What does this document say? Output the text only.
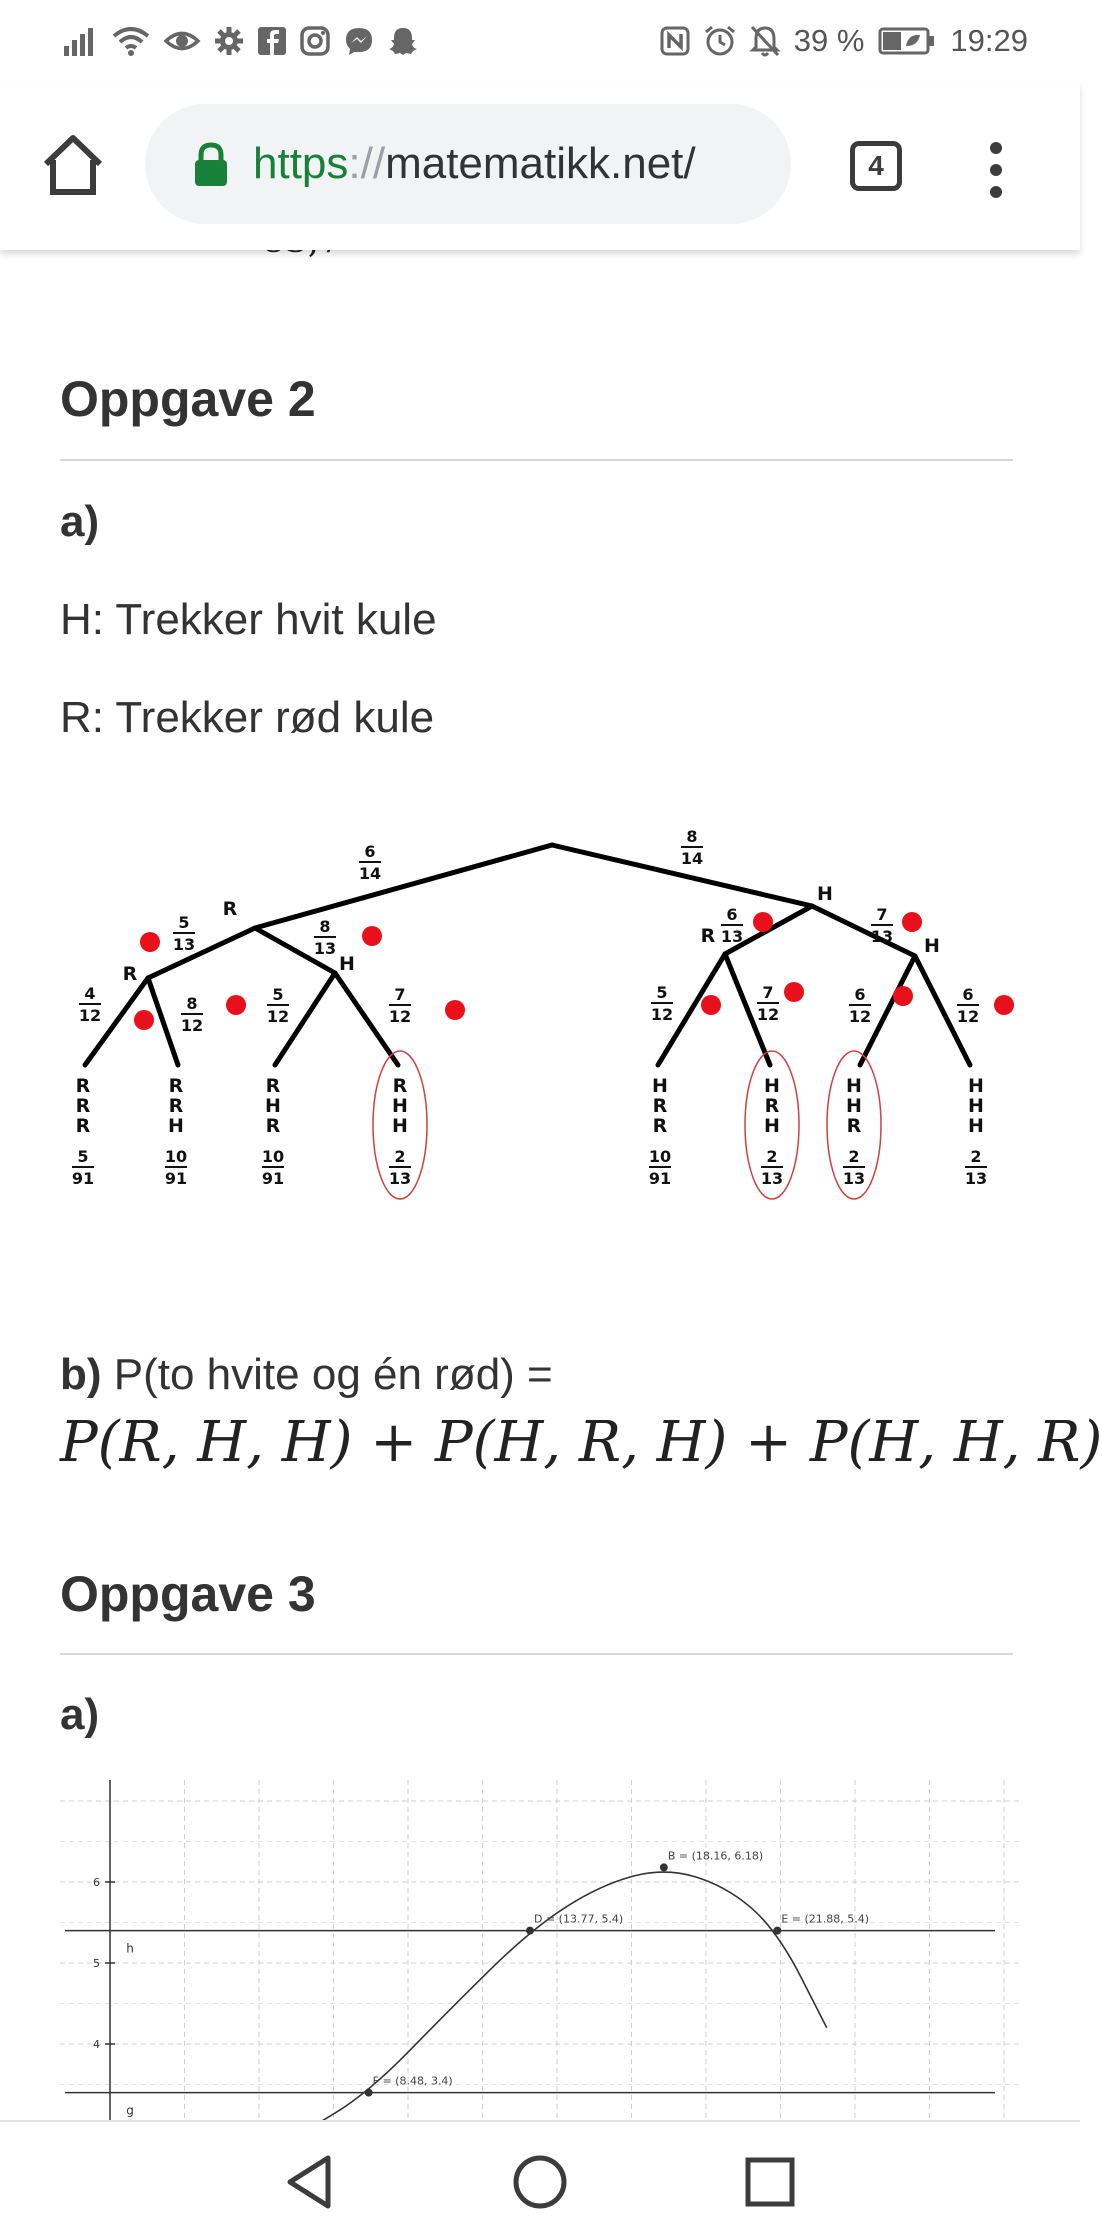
39 %	19:29
https://matematikk.net/	4
Oppgave 2
a)
H: Trekker hvit kule
R: Trekker rød kule
R
H
R
H
R	H
6
14
8
14
5
13
8
13
4
12
8
12
5
12
7
12
6
13
7
13
5
12
7
12
6
12
6
12
R
R
R
5
91
R
R
H
10
91
R
H
R
10
91
R
H
H
2
13
H
R
R
10
91
H
R
H
2
13
H
H
R
2
13
H
H
H
2
13
b) P(to hvite og én rød) =
P(R, H, H) + P(H, R, H) + P(H, H, R)
Oppgave 3
a)
6
5
4
h
g
B = (18.16, 6.18)
D = (13.77, 5.4)	E = (21.88, 5.4)
F = (8.48, 3.4)
